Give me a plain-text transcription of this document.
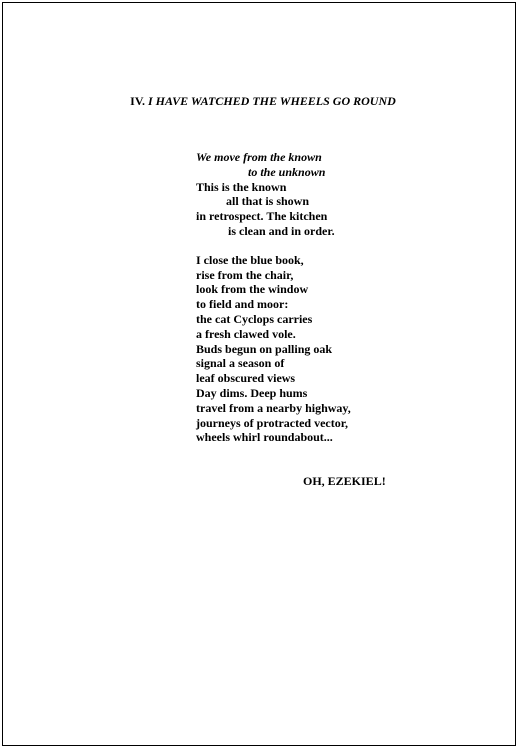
IV. I HAVE WATCHED THE WHEELS GO ROUND
We move from the known
to the unknown
This is the known
all that is shown
in retrospect. The kitchen
is clean and in order.
I close the blue book,
rise from the chair,
look from the window
to field and moor:
the cat Cyclops carries
a fresh clawed vole.
Buds begun on palling oak
signal a season of
leaf obscured views
Day dims. Deep hums
travel from a nearby highway,
journeys of protracted vector,
wheels whirl roundabout...
OH, EZEKIEL!
